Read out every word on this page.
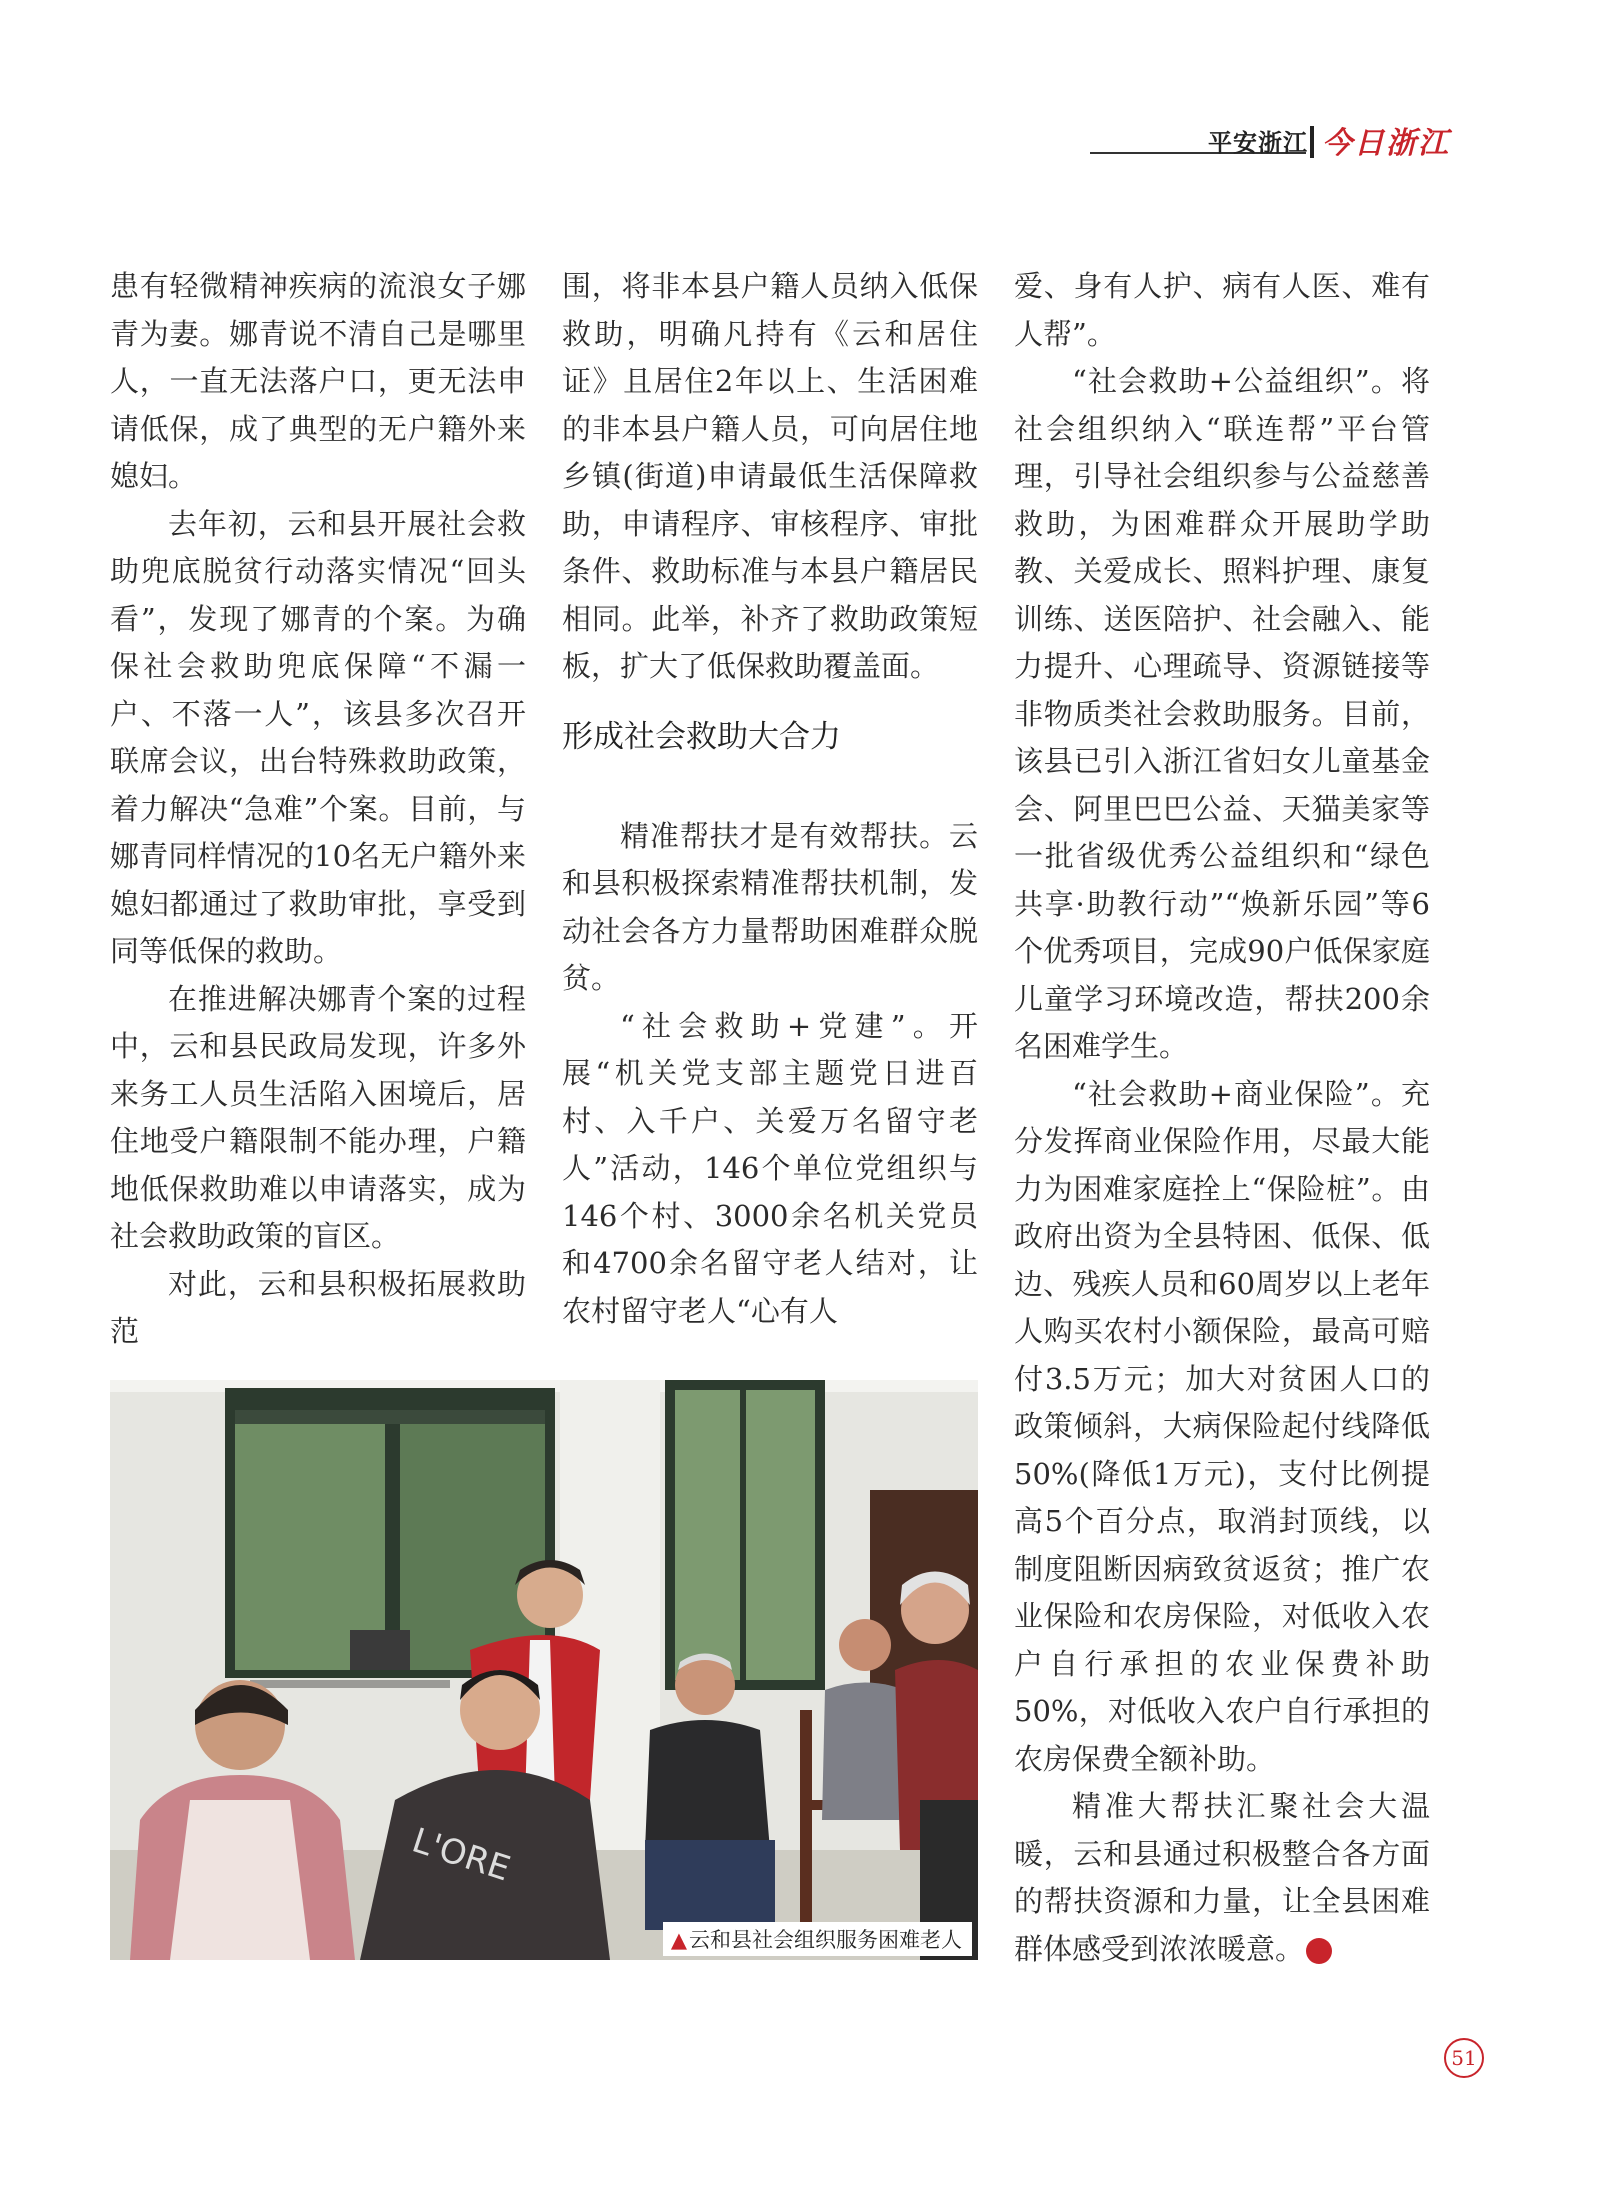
平安浙江 今日浙江

患有轻微精神疾病的流浪女子娜青为妻。娜青说不清自己是哪里人，一直无法落户口，更无法申请低保，成了典型的无户籍外来媳妇。

去年初，云和县开展社会救助兜底脱贫行动落实情况“回头看”，发现了娜青的个案。为确保社会救助兜底保障“不漏一户、不落一人”，该县多次召开联席会议，出台特殊救助政策，着力解决“急难”个案。目前，与娜青同样情况的10名无户籍外来媳妇都通过了救助审批，享受到同等低保的救助。

在推进解决娜青个案的过程中，云和县民政局发现，许多外来务工人员生活陷入困境后，居住地受户籍限制不能办理，户籍地低保救助难以申请落实，成为社会救助政策的盲区。

对此，云和县积极拓展救助范

围，将非本县户籍人员纳入低保救助，明确凡持有《云和居住证》且居住2年以上、生活困难的非本县户籍人员，可向居住地乡镇(街道)申请最低生活保障救助，申请程序、审核程序、审批条件、救助标准与本县户籍居民相同。此举，补齐了救助政策短板，扩大了低保救助覆盖面。

形成社会救助大合力

精准帮扶才是有效帮扶。云和县积极探索精准帮扶机制，发动社会各方力量帮助困难群众脱贫。

“社会救助+党建”。开展“机关党支部主题党日进百村、入千户、关爱万名留守老人”活动，146个单位党组织与146个村、3000余名机关党员和4700余名留守老人结对，让农村留守老人“心有人

爱、身有人护、病有人医、难有人帮”。

“社会救助+公益组织”。将社会组织纳入“联连帮”平台管理，引导社会组织参与公益慈善救助，为困难群众开展助学助教、关爱成长、照料护理、康复训练、送医陪护、社会融入、能力提升、心理疏导、资源链接等非物质类社会救助服务。目前，该县已引入浙江省妇女儿童基金会、阿里巴巴公益、天猫美家等一批省级优秀公益组织和“绿色共享·助教行动”“焕新乐园”等6个优秀项目，完成90户低保家庭儿童学习环境改造，帮扶200余名困难学生。

“社会救助+商业保险”。充分发挥商业保险作用，尽最大能力为困难家庭拴上“保险桩”。由政府出资为全县特困、低保、低边、残疾人员和60周岁以上老年人购买农村小额保险，最高可赔付3.5万元；加大对贫困人口的政策倾斜，大病保险起付线降低50%(降低1万元)，支付比例提高5个百分点，取消封顶线，以制度阻断因病致贫返贫；推广农业保险和农房保险，对低收入农户自行承担的农业保费补助50%，对低收入农户自行承担的农房保费全额补助。

精准大帮扶汇聚社会大温暖，云和县通过积极整合各方面的帮扶资源和力量，让全县困难群体感受到浓浓暖意。	今

L'ORE
▲云和县社会组织服务困难老人
51
